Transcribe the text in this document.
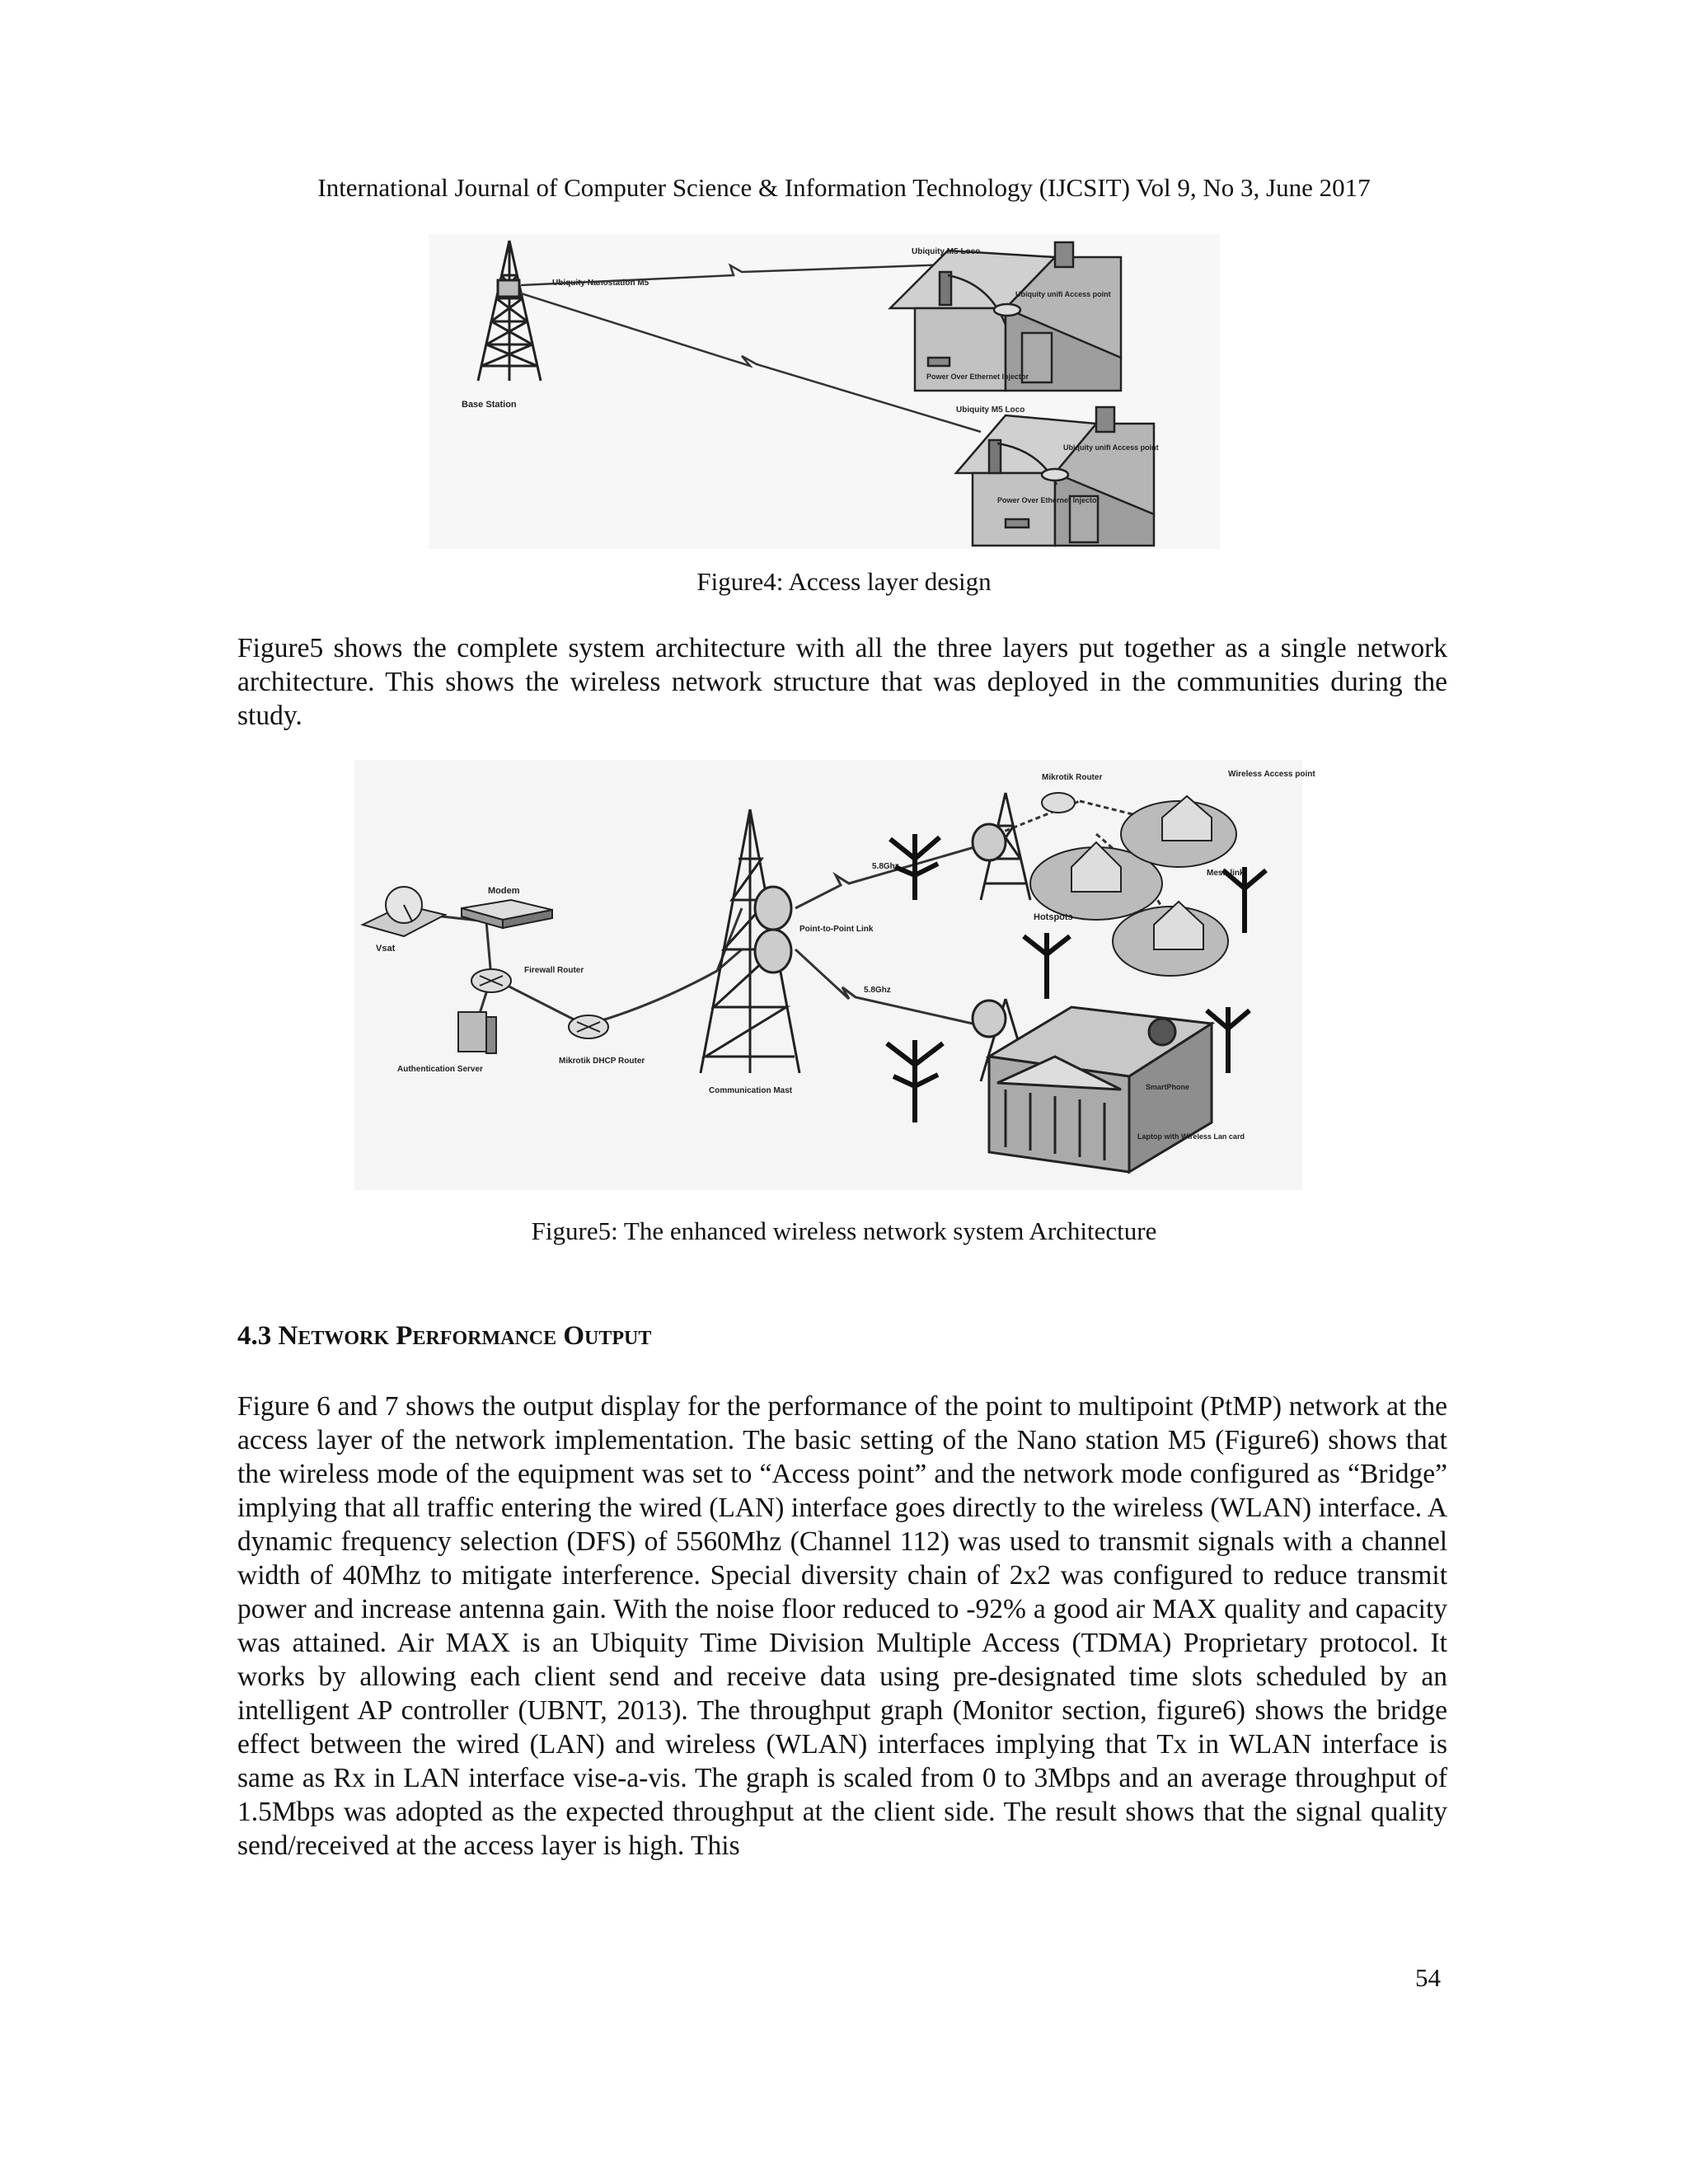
International Journal of Computer Science & Information Technology (IJCSIT) Vol 9, No 3, June 2017
Ubiquity Nanostation M5
Base Station
Ubiquity M5 Loco
Ubiquity unifi Access point
Power Over Ethernet Injector
Ubiquity M5 Loco
Ubiquity unifi Access point
Power Over Ethernet Injector
Figure4: Access layer design

Figure5 shows the complete system architecture with all the three layers put together as a single network architecture. This shows the wireless network structure that was deployed in the communities during the study.

Vsat
Modem
Firewall Router
Authentication Server
Mikrotik DHCP Router
Communication Mast
Point-to-Point Link
5.8Ghz
5.8Ghz
Mikrotik Router	Wireless Access point
Mesh link
Hotspots
SmartPhone
Laptop with Wireless Lan card
Figure5: The enhanced wireless network system Architecture
4.3 NETWORK PERFORMANCE OUTPUT

Figure 6 and 7 shows the output display for the performance of the point to multipoint (PtMP) network at the access layer of the network implementation. The basic setting of the Nano station M5 (Figure6) shows that the wireless mode of the equipment was set to “Access point” and the network mode configured as “Bridge” implying that all traffic entering the wired (LAN) interface goes directly to the wireless (WLAN) interface. A dynamic frequency selection (DFS) of 5560Mhz (Channel 112) was used to transmit signals with a channel width of 40Mhz to mitigate interference. Special diversity chain of 2x2 was configured to reduce transmit power and increase antenna gain. With the noise floor reduced to -92% a good air MAX quality and capacity was attained. Air MAX is an Ubiquity Time Division Multiple Access (TDMA) Proprietary protocol. It works by allowing each client send and receive data using pre-designated time slots scheduled by an intelligent AP controller (UBNT, 2013). The throughput graph (Monitor section, figure6) shows the bridge effect between the wired (LAN) and wireless (WLAN) interfaces implying that Tx in WLAN interface is same as Rx in LAN interface vise-a-vis. The graph is scaled from 0 to 3Mbps and an average throughput of 1.5Mbps was adopted as the expected throughput at the client side. The result shows that the signal quality send/received at the access layer is high. This

54
